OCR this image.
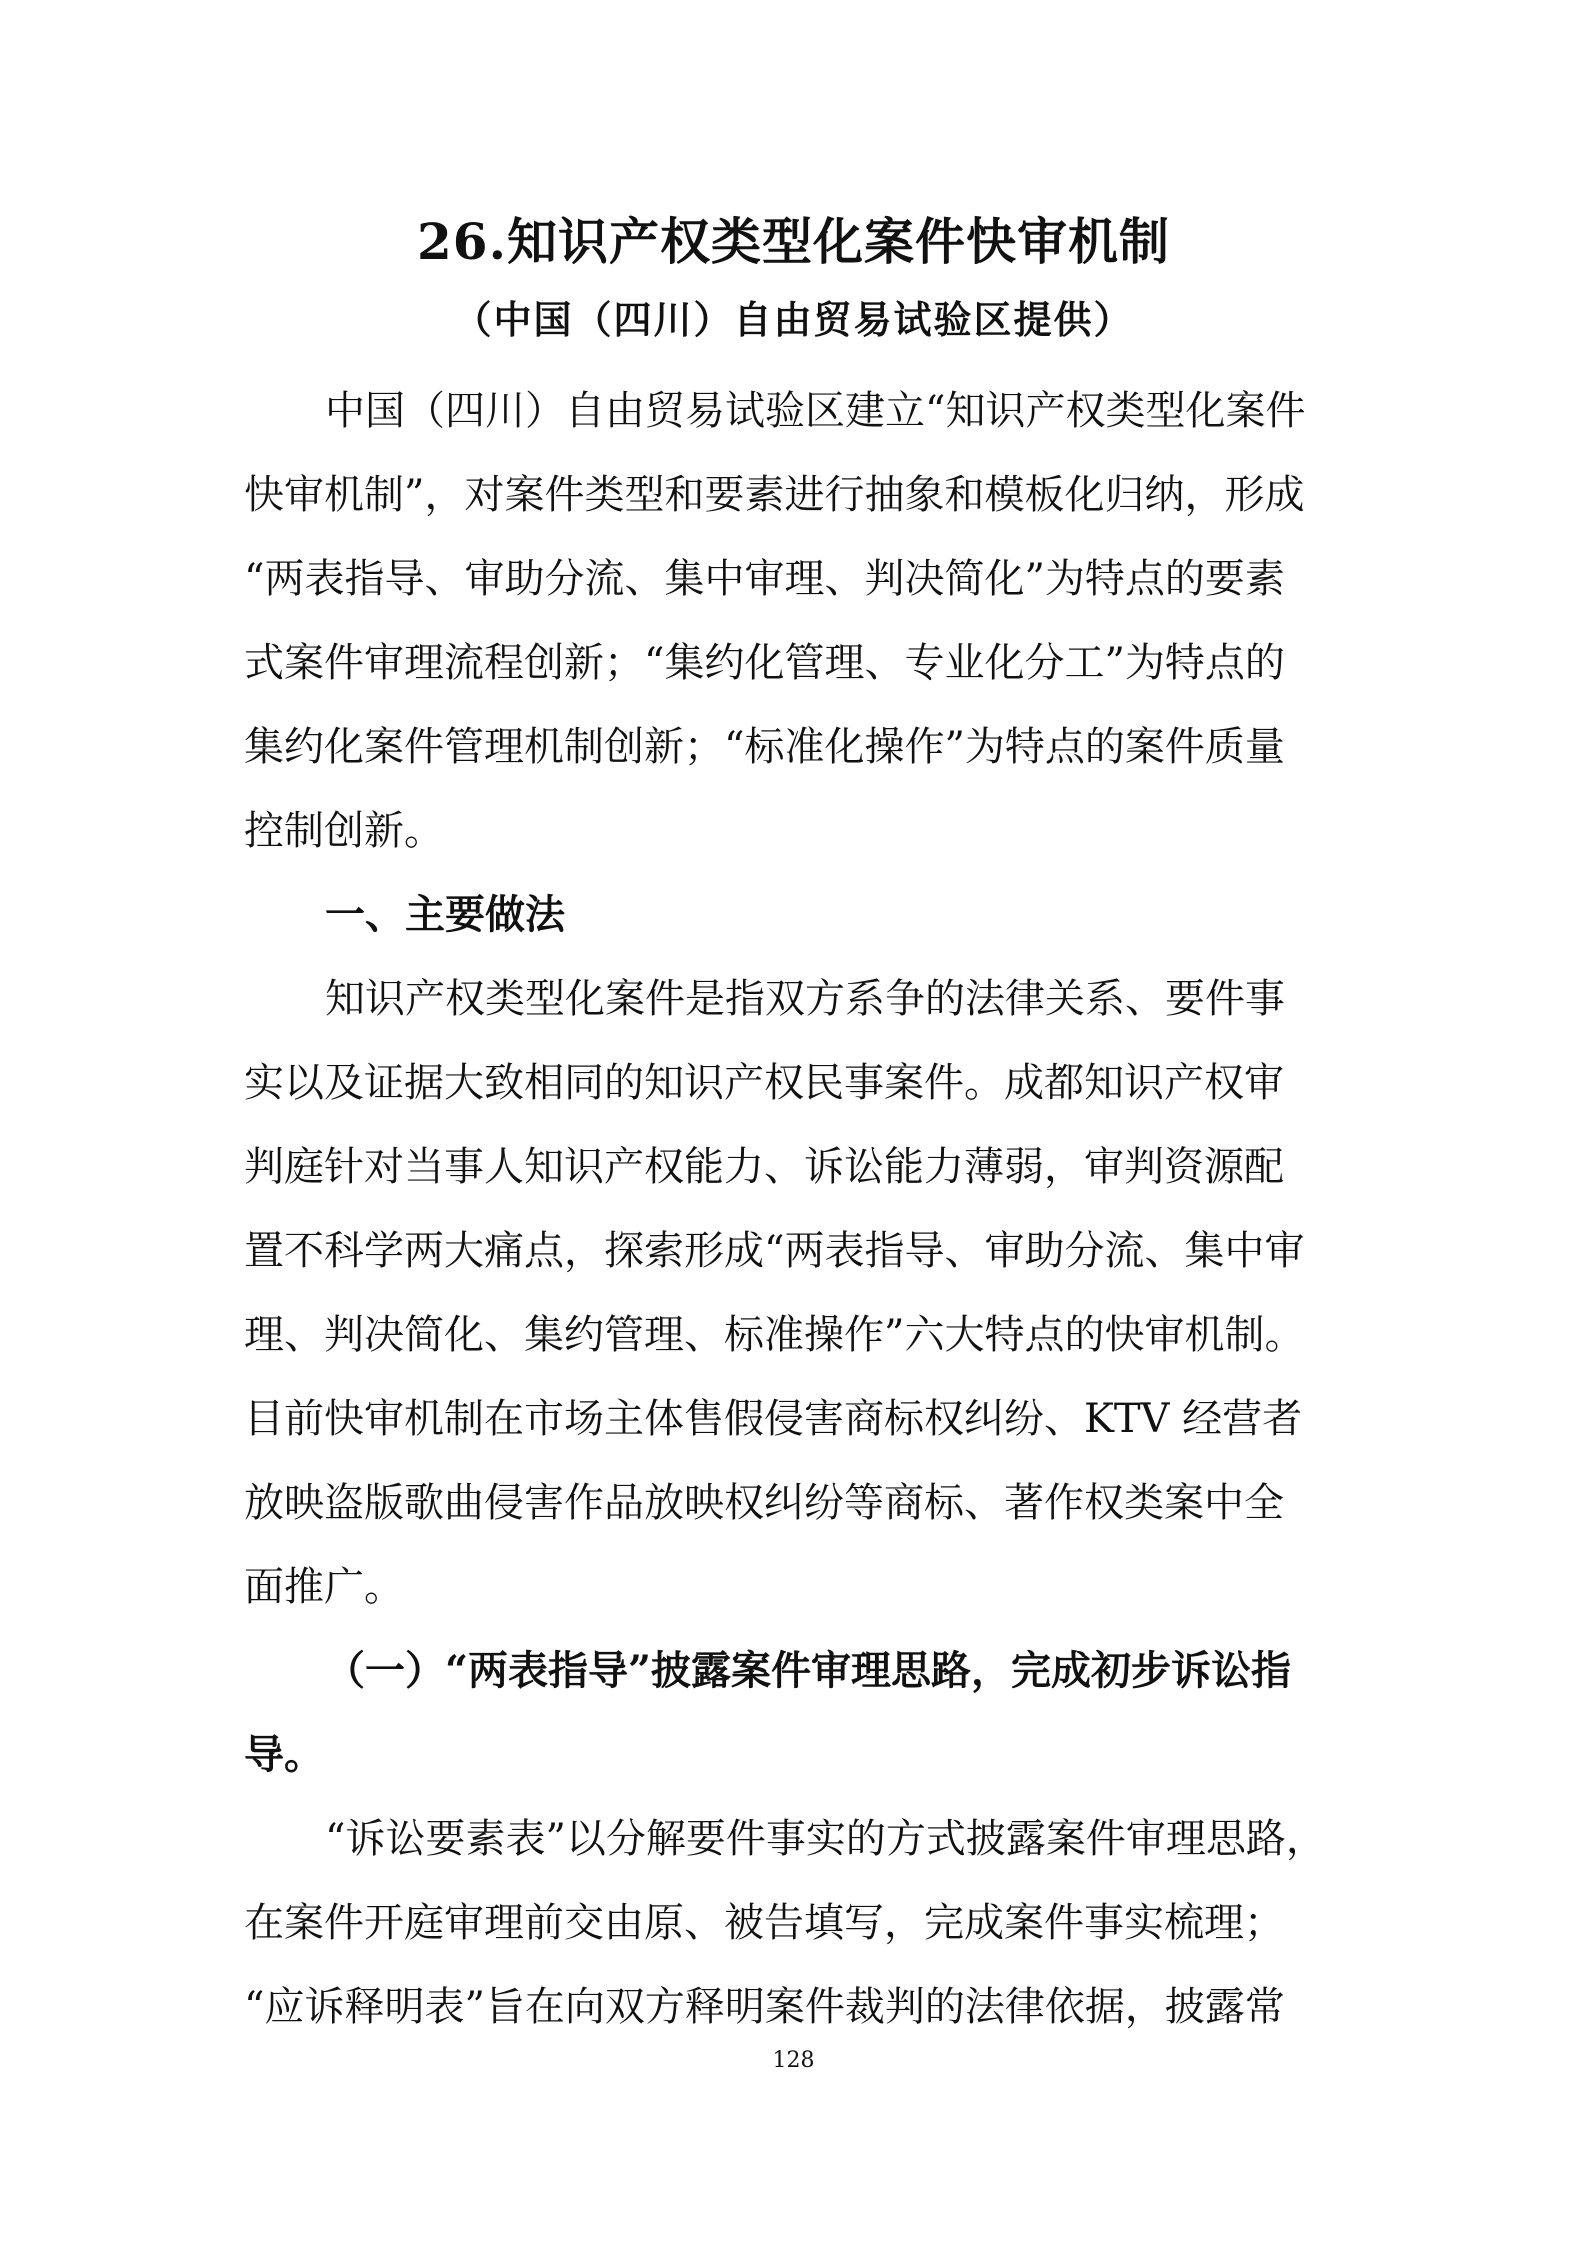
26.知识产权类型化案件快审机制
（中国（四川）自由贸易试验区提供）
中国（四川）自由贸易试验区建立“知识产权类型化案件
快审机制”，对案件类型和要素进行抽象和模板化归纳，形成
“两表指导、审助分流、集中审理、判决简化”为特点的要素
式案件审理流程创新；“集约化管理、专业化分工”为特点的
集约化案件管理机制创新；“标准化操作”为特点的案件质量
控制创新。
一、主要做法
知识产权类型化案件是指双方系争的法律关系、要件事
实以及证据大致相同的知识产权民事案件。成都知识产权审
判庭针对当事人知识产权能力、诉讼能力薄弱，审判资源配
置不科学两大痛点，探索形成“两表指导、审助分流、集中审
理、判决简化、集约管理、标准操作”六大特点的快审机制。
目前快审机制在市场主体售假侵害商标权纠纷、KTV 经营者
放映盗版歌曲侵害作品放映权纠纷等商标、著作权类案中全
面推广。
（一）“两表指导”披露案件审理思路，完成初步诉讼指
导。
“诉讼要素表”以分解要件事实的方式披露案件审理思路，
在案件开庭审理前交由原、被告填写，完成案件事实梳理；
“应诉释明表”旨在向双方释明案件裁判的法律依据，披露常
128
